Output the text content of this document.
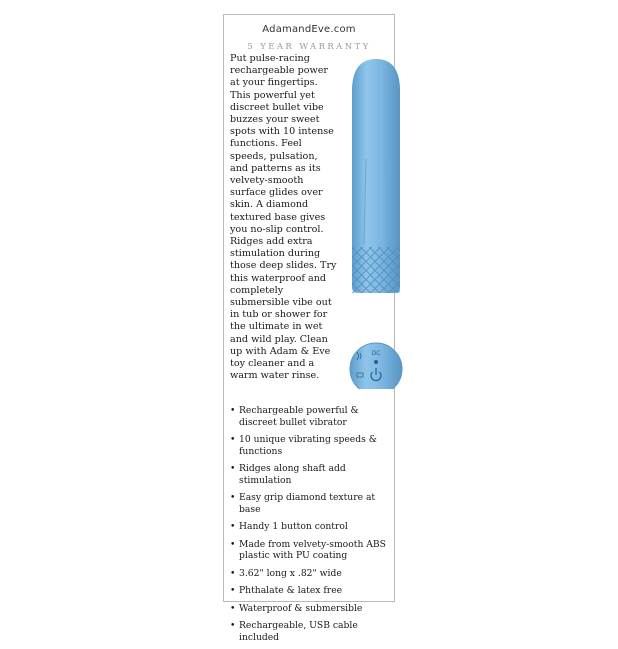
AdamandEve.com
5 YEAR WARRANTY

Put pulse-racing rechargeable power at your fingertips. This powerful yet discreet bullet vibe buzzes your sweet spots with 10 intense functions. Feel speeds, pulsation, and patterns as its velvety-smooth surface glides over skin. A diamond textured base gives you no-slip control. Ridges add extra stimulation during those deep slides. Try this waterproof and completely submersible vibe out in tub or shower for the ultimate in wet and wild play. Clean up with Adam & Eve toy cleaner and a warm water rinse.

DC
• Rechargeable powerful & discreet bullet vibrator
• 10 unique vibrating speeds & functions
• Ridges along shaft add stimulation
• Easy grip diamond texture at base
• Handy 1 button control
• Made from velvety-smooth ABS plastic with PU coating
• 3.62" long x .82" wide
• Phthalate & latex free
• Waterproof & submersible
• Rechargeable, USB cable included
